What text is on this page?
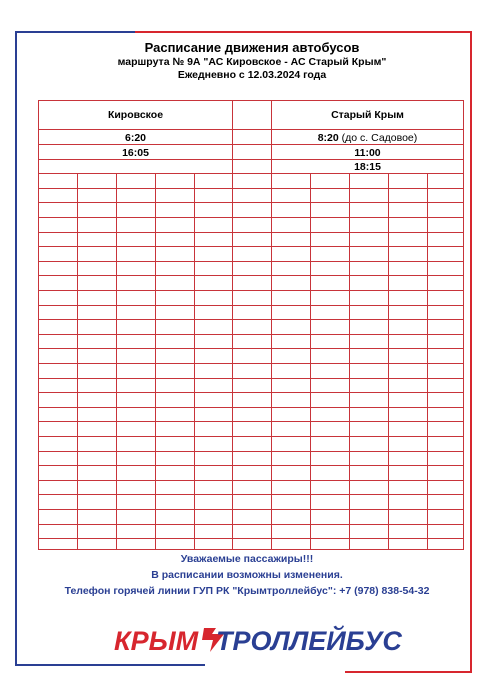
Расписание движения автобусов
маршрута № 9А "АС Кировское - АС Старый Крым"
Ежедневно с 12.03.2024 года
Кировское	Старый Крым
6:20
16:05
8:20 (до с. Садовое)
11:00
18:15
Уважаемые пассажиры!!!
В расписании возможны изменения.
Телефон горячей линии ГУП РК "Крымтроллейбус": +7 (978) 838-54-32
КРЫМ ТРОЛЛЕЙБУС
